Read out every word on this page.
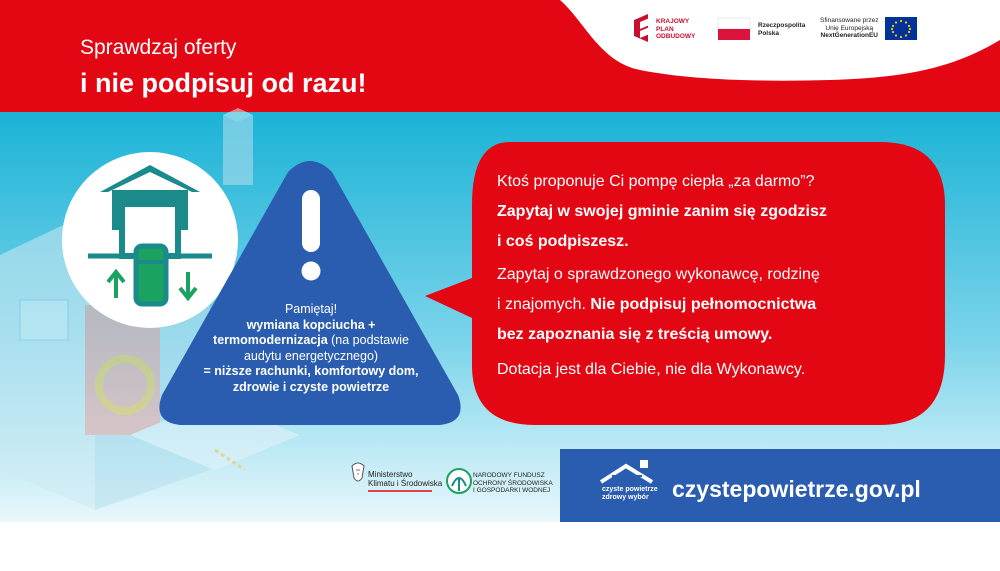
Sprawdzaj oferty
i nie podpisuj od razu!
KRAJOWY
PLAN
ODBUDOWY
Rzeczpospolita
Polska
Sfinansowane przez
Unię Europejską
NextGenerationEU
Pamiętaj!
wymiana kopciucha +
termomodernizacja (na podstawie
audytu energetycznego)
= niższe rachunki, komfortowy dom,
zdrowie i czyste powietrze
Ktoś proponuje Ci pompę ciepła „za darmo”?
Zapytaj w swojej gminie zanim się zgodzisz
i coś podpiszesz.
Zapytaj o sprawdzonego wykonawcę, rodzinę
i znajomych. Nie podpisuj pełnomocnictwa
bez zapoznania się z treścią umowy.
Dotacja jest dla Ciebie, nie dla Wykonawcy.
Ministerstwo
Klimatu i Środowiska
NARODOWY FUNDUSZ
OCHRONY ŚRODOWISKA
I GOSPODARKI WODNEJ	czyste powietrze
zdrowy wybór	czystepowietrze.gov.pl
